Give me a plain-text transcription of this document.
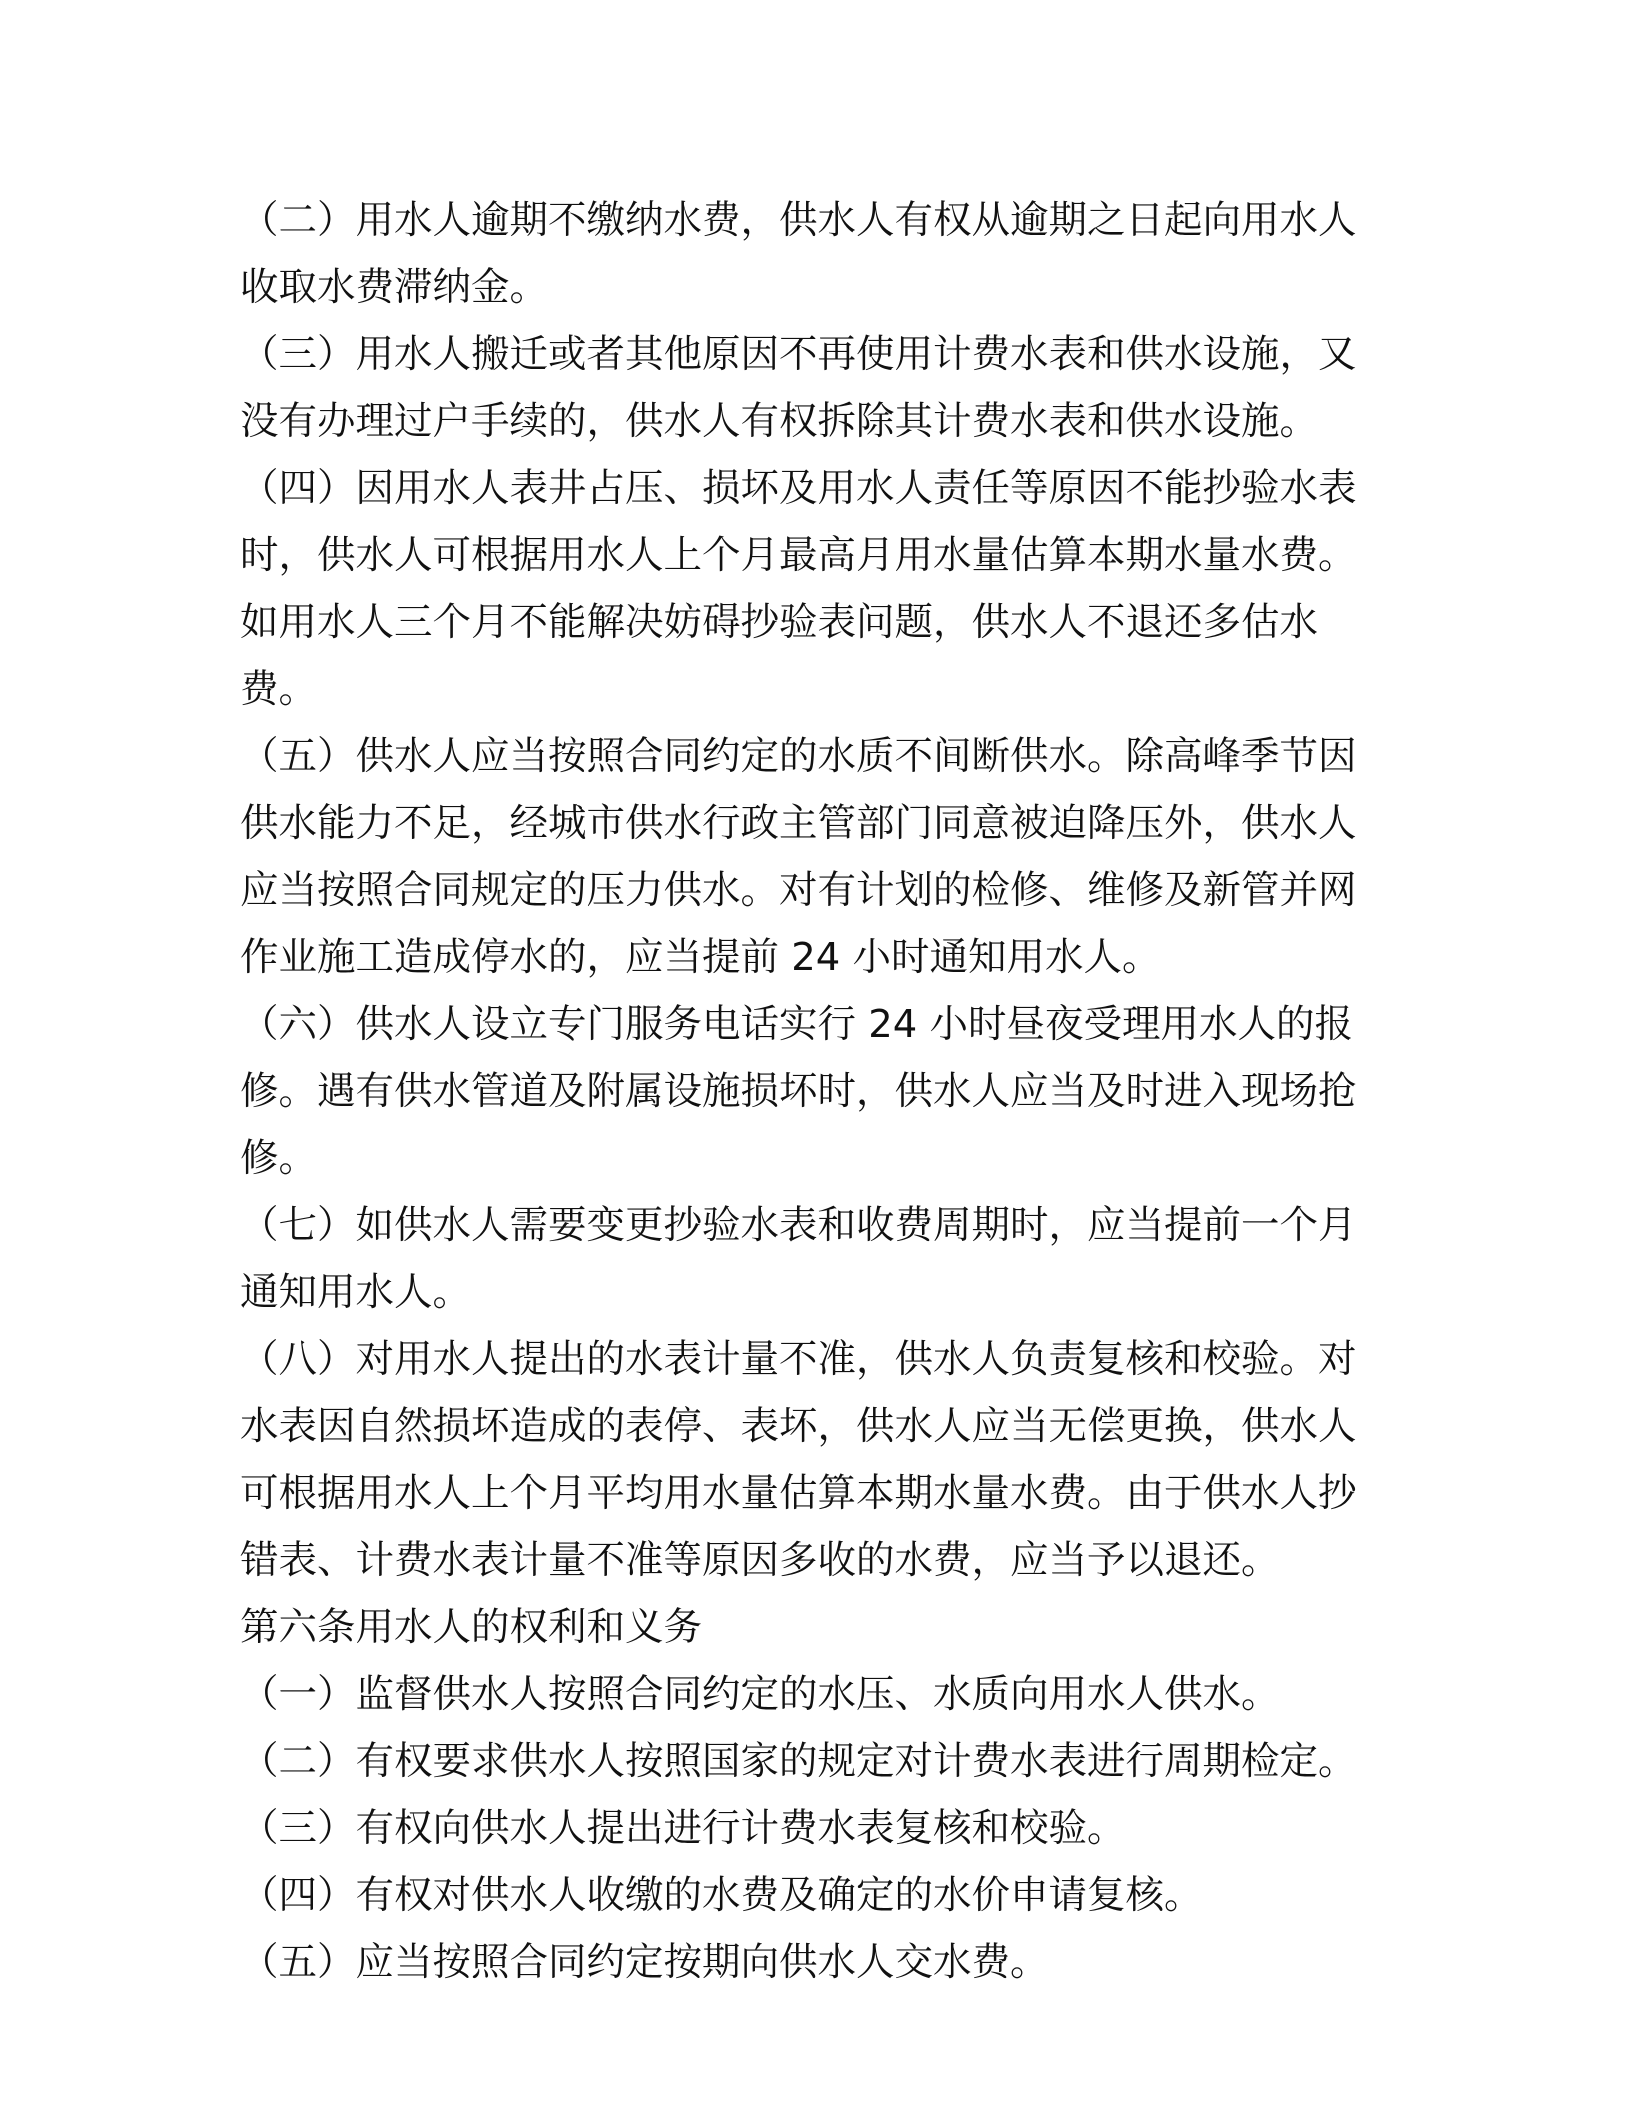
（二）用水人逾期不缴纳水费，供水人有权从逾期之日起向用水人收取水费滞纳金。

（三）用水人搬迁或者其他原因不再使用计费水表和供水设施，又没有办理过户手续的，供水人有权拆除其计费水表和供水设施。

（四）因用水人表井占压、损坏及用水人责任等原因不能抄验水表时，供水人可根据用水人上个月最高月用水量估算本期水量水费。如用水人三个月不能解决妨碍抄验表问题，供水人不退还多估水费。

（五）供水人应当按照合同约定的水质不间断供水。除高峰季节因供水能力不足，经城市供水行政主管部门同意被迫降压外，供水人应当按照合同规定的压力供水。对有计划的检修、维修及新管并网作业施工造成停水的，应当提前 24 小时通知用水人。

（六）供水人设立专门服务电话实行 24 小时昼夜受理用水人的报修。遇有供水管道及附属设施损坏时，供水人应当及时进入现场抢修。

（七）如供水人需要变更抄验水表和收费周期时，应当提前一个月通知用水人。

（八）对用水人提出的水表计量不准，供水人负责复核和校验。对水表因自然损坏造成的表停、表坏，供水人应当无偿更换，供水人可根据用水人上个月平均用水量估算本期水量水费。由于供水人抄错表、计费水表计量不准等原因多收的水费，应当予以退还。

第六条用水人的权利和义务

（一）监督供水人按照合同约定的水压、水质向用水人供水。

（二）有权要求供水人按照国家的规定对计费水表进行周期检定。

（三）有权向供水人提出进行计费水表复核和校验。

（四）有权对供水人收缴的水费及确定的水价申请复核。

（五）应当按照合同约定按期向供水人交水费。
